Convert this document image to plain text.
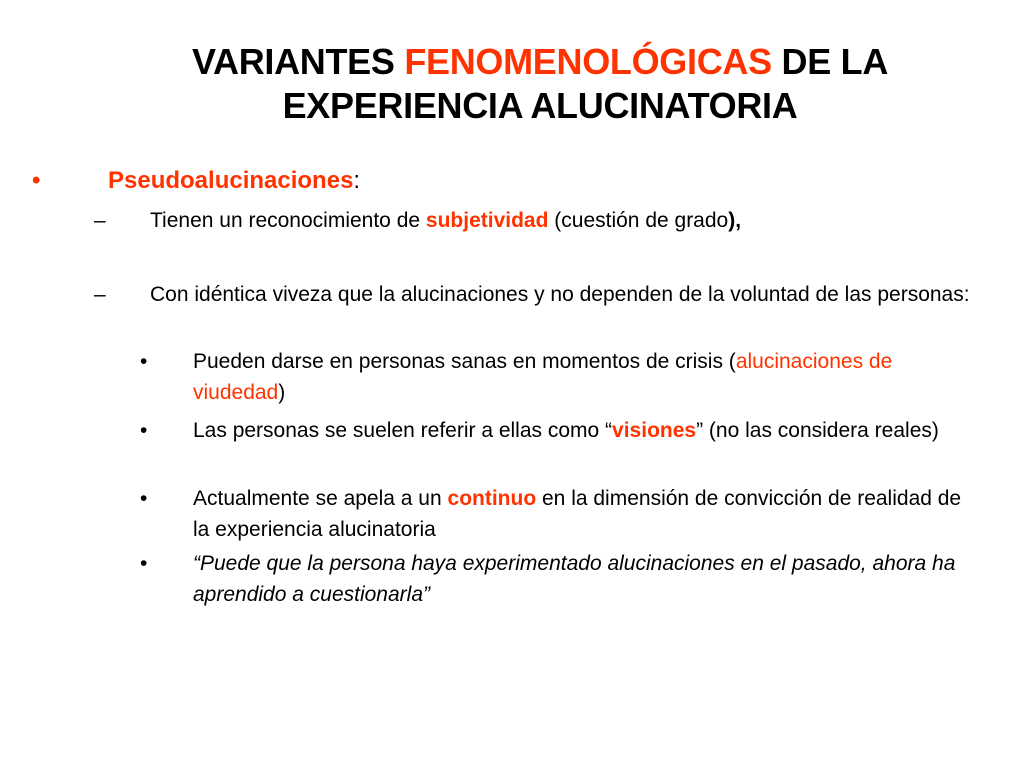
VARIANTES FENOMENOLÓGICAS DE LA
EXPERIENCIA ALUCINATORIA
•	Pseudoalucinaciones:
– Tienen un reconocimiento de subjetividad (cuestión de grado),
– Con idéntica viveza que la alucinaciones y no dependen de la voluntad de las personas:
• Pueden darse en personas sanas en momentos de crisis (alucinaciones de viudedad)
• Las personas se suelen referir a ellas como “visiones” (no las considera reales)
• Actualmente se apela a un continuo en la dimensión de convicción de realidad de la experiencia alucinatoria
• “Puede que la persona haya experimentado alucinaciones en el pasado, ahora ha aprendido a cuestionarla”
